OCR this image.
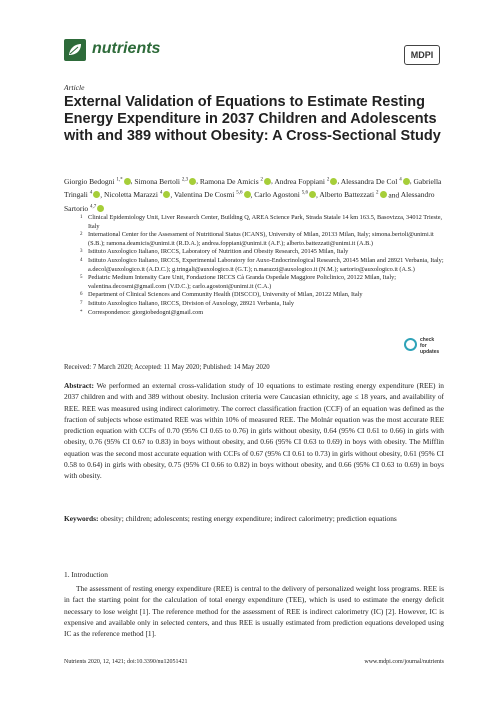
nutrients	MDPI
Article
External Validation of Equations to Estimate Resting Energy Expenditure in 2037 Children and Adolescents with and 389 without Obesity: A Cross-Sectional Study
Giorgio Bedogni $^{1,*}$ , Simona Bertoli $^{2,3}$ , Ramona De Amicis $^2$ , Andrea Foppiani $^2$ , Alessandra De Col $^4$ , Gabriella Tringali $^4$ , Nicoletta Marazzi $^4$ , Valentina De Cosmi $^{5,6}$ , Carlo Agostoni $^{5,6}$ , Alberto Battezzati $^2$ and Alessandro Sartorio $^{4,7}$
1 Clinical Epidemiology Unit, Liver Research Center, Building Q, AREA Science Park, Strada Statale 14 km 163.5, Basovizza, 34012 Trieste, Italy
2 International Center for the Assessment of Nutritional Status (ICANS), University of Milan, 20133 Milan, Italy; simona.bertoli@unimi.it (S.B.); ramona.deamicis@unimi.it (R.D.A.); andrea.foppiani@unimi.it (A.F.); alberto.battezzati@unimi.it (A.B.)
3 Istituto Auxologico Italiano, IRCCS, Laboratory of Nutrition and Obesity Research, 20145 Milan, Italy
4 Istituto Auxologico Italiano, IRCCS, Experimental Laboratory for Auxo-Endocrinological Research, 20145 Milan and 28921 Verbania, Italy; a.decol@auxologico.it (A.D.C.); g.tringali@auxologico.it (G.T.); n.marazzi@auxologico.it (N.M.); sartorio@auxologico.it (A.S.)
5 Pediatric Medium Intensity Care Unit, Fondazione IRCCS Cà Granda Ospedale Maggiore Policlinico, 20122 Milan, Italy; valentina.decosmi@gmail.com (V.D.C.); carlo.agostoni@unimi.it (C.A.)
6 Department of Clinical Sciences and Community Health (DISCCO), University of Milan, 20122 Milan, Italy
7 Istituto Auxologico Italiano, IRCCS, Division of Auxology, 28921 Verbania, Italy
* Correspondence: giorgiobedogni@gmail.com
check for
updates
Received: 7 March 2020; Accepted: 11 May 2020; Published: 14 May 2020
Abstract: We performed an external cross-validation study of 10 equations to estimate resting energy expenditure (REE) in 2037 children and with and 389 without obesity. Inclusion criteria were Caucasian ethnicity, age ≤ 18 years, and availability of REE. REE was measured using indirect calorimetry. The correct classification fraction (CCF) of an equation was defined as the fraction of subjects whose estimated REE was within 10% of measured REE. The Molnár equation was the most accurate REE prediction equation with CCFs of 0.70 (95% CI 0.65 to 0.76) in girls without obesity, 0.64 (95% CI 0.61 to 0.66) in girls with obesity, 0.76 (95% CI 0.67 to 0.83) in boys without obesity, and 0.66 (95% CI 0.63 to 0.69) in boys with obesity. The Mifflin equation was the second most accurate equation with CCFs of 0.67 (95% CI 0.61 to 0.73) in girls without obesity, 0.61 (95% CI 0.58 to 0.64) in girls with obesity, 0.75 (95% CI 0.66 to 0.82) in boys without obesity, and 0.66 (95% CI 0.63 to 0.69) in boys with obesity.
Keywords: obesity; children; adolescents; resting energy expenditure; indirect calorimetry; prediction equations
1. Introduction
The assessment of resting energy expenditure (REE) is central to the delivery of personalized weight loss programs. REE is in fact the starting point for the calculation of total energy expenditure (TEE), which is used to estimate the energy deficit necessary to lose weight [1]. The reference method for the assessment of REE is indirect calorimetry (IC) [2]. However, IC is expensive and available only in selected centers, and thus REE is usually estimated from prediction equations developed using IC as the reference method [1].
Nutrients 2020, 12, 1421; doi:10.3390/nu12051421	www.mdpi.com/journal/nutrients
